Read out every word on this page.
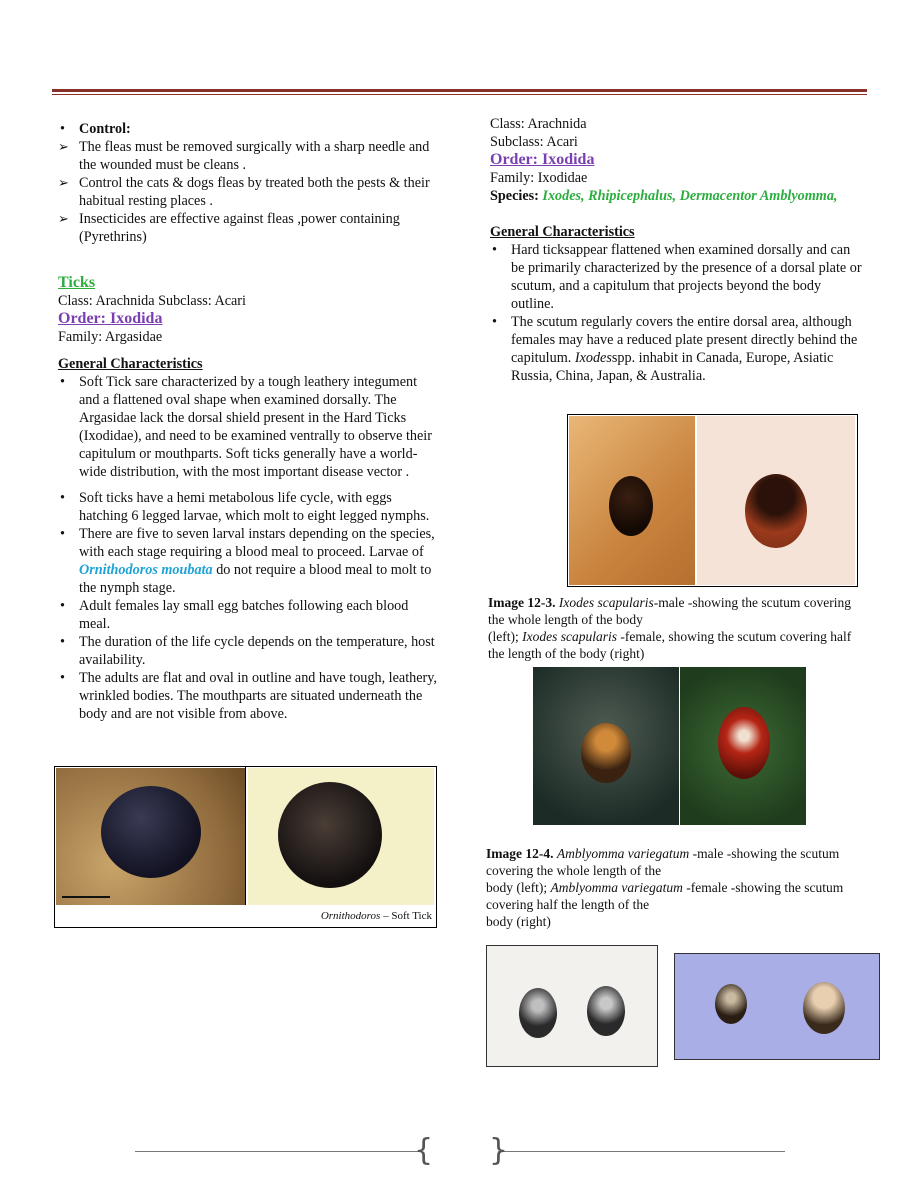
• Control:
➢ The fleas must be removed surgically with a sharp needle and the wounded must be cleans .
➢ Control the cats & dogs fleas by treated both the pests & their habitual resting places .
➢ Insecticides are effective against fleas ,power containing (Pyrethrins)
Ticks
Class: Arachnida Subclass: Acari
Order: Ixodida
Family: Argasidae
General Characteristics
• Soft Tick sare characterized by a tough leathery integument and a flattened oval shape when examined dorsally. The Argasidae lack the dorsal shield present in the Hard Ticks (Ixodidae), and need to be examined ventrally to observe their capitulum or mouthparts. Soft ticks generally have a world-wide distribution, with the most important disease vector .
• Soft ticks have a hemi metabolous life cycle, with eggs hatching 6 legged larvae, which molt to eight legged nymphs.
• There are five to seven larval instars depending on the species, with each stage requiring a blood meal to proceed. Larvae of Ornithodoros moubata do not require a blood meal to molt to the nymph stage.
• Adult females lay small egg batches following each blood meal.
• The duration of the life cycle depends on the temperature, host availability.
• The adults are flat and oval in outline and have tough, leathery, wrinkled bodies. The mouthparts are situated underneath the body and are not visible from above.
Ornithodoros – Soft Tick
Class: Arachnida
Subclass: Acari
Order: Ixodida
Family: Ixodidae
Species: Ixodes, Rhipicephalus, Dermacentor Amblyomma,
General Characteristics
• Hard ticksappear flattened when examined dorsally and can be primarily characterized by the presence of a dorsal plate or scutum, and a capitulum that projects beyond the body outline.
• The scutum regularly covers the entire dorsal area, although females may have a reduced plate present directly behind the capitulum. Ixodesspp. inhabit in Canada, Europe, Asiatic Russia, China, Japan, & Australia.
Image 12-3. Ixodes scapularis-male -showing the scutum covering the whole length of the body
(left); Ixodes scapularis -female, showing the scutum covering half the length of the body (right)
Image 12-4. Amblyomma variegatum -male -showing the scutum covering the whole length of the
body (left); Amblyomma variegatum -female -showing the scutum covering half the length of the
body (right)
{ }
